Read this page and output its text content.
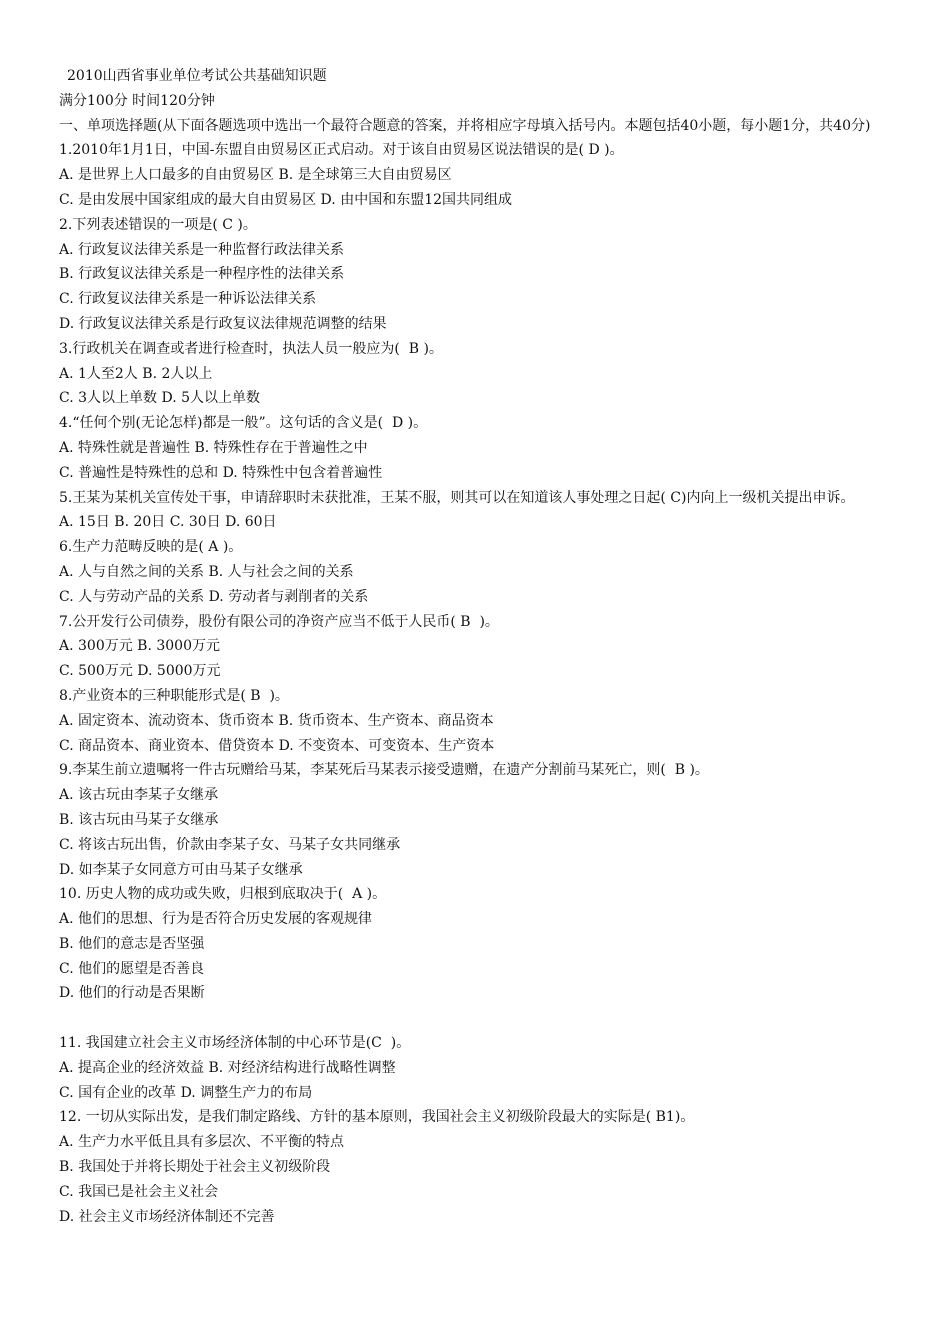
2010山西省事业单位考试公共基础知识题

满分100分 时间120分钟

一、单项选择题(从下面各题选项中选出一个最符合题意的答案，并将相应字母填入括号内。本题包括40小题，每小题1分，共40分)

1.2010年1月1日，中国-东盟自由贸易区正式启动。对于该自由贸易区说法错误的是( D )。

A. 是世界上人口最多的自由贸易区 B. 是全球第三大自由贸易区

C. 是由发展中国家组成的最大自由贸易区 D. 由中国和东盟12国共同组成

2.下列表述错误的一项是( C )。

A. 行政复议法律关系是一种监督行政法律关系

B. 行政复议法律关系是一种程序性的法律关系

C. 行政复议法律关系是一种诉讼法律关系

D. 行政复议法律关系是行政复议法律规范调整的结果

3.行政机关在调查或者进行检查时，执法人员一般应为(  B )。

A. 1人至2人 B. 2人以上

C. 3人以上单数 D. 5人以上单数

4.“任何个别(无论怎样)都是一般”。这句话的含义是(  D )。

A. 特殊性就是普遍性 B. 特殊性存在于普遍性之中

C. 普遍性是特殊性的总和 D. 特殊性中包含着普遍性

5.王某为某机关宣传处干事，申请辞职时未获批准，王某不服，则其可以在知道该人事处理之日起( C)内向上一级机关提出申诉。

A. 15日 B. 20日 C. 30日 D. 60日

6.生产力范畴反映的是( A )。

A. 人与自然之间的关系 B. 人与社会之间的关系

C. 人与劳动产品的关系 D. 劳动者与剥削者的关系

7.公开发行公司债券，股份有限公司的净资产应当不低于人民币( B  )。

A. 300万元 B. 3000万元

C. 500万元 D. 5000万元

8.产业资本的三种职能形式是( B  )。

A. 固定资本、流动资本、货币资本 B. 货币资本、生产资本、商品资本

C. 商品资本、商业资本、借贷资本 D. 不变资本、可变资本、生产资本

9.李某生前立遗嘱将一件古玩赠给马某，李某死后马某表示接受遗赠，在遗产分割前马某死亡，则(  B )。

A. 该古玩由李某子女继承

B. 该古玩由马某子女继承

C. 将该古玩出售，价款由李某子女、马某子女共同继承

D. 如李某子女同意方可由马某子女继承

10. 历史人物的成功或失败，归根到底取决于(  A )。

A. 他们的思想、行为是否符合历史发展的客观规律

B. 他们的意志是否坚强

C. 他们的愿望是否善良

D. 他们的行动是否果断

11. 我国建立社会主义市场经济体制的中心环节是(C  )。

A. 提高企业的经济效益 B. 对经济结构进行战略性调整

C. 国有企业的改革 D. 调整生产力的布局

12. 一切从实际出发，是我们制定路线、方针的基本原则，我国社会主义初级阶段最大的实际是( B1)。

A. 生产力水平低且具有多层次、不平衡的特点

B. 我国处于并将长期处于社会主义初级阶段

C. 我国已是社会主义社会

D. 社会主义市场经济体制还不完善
